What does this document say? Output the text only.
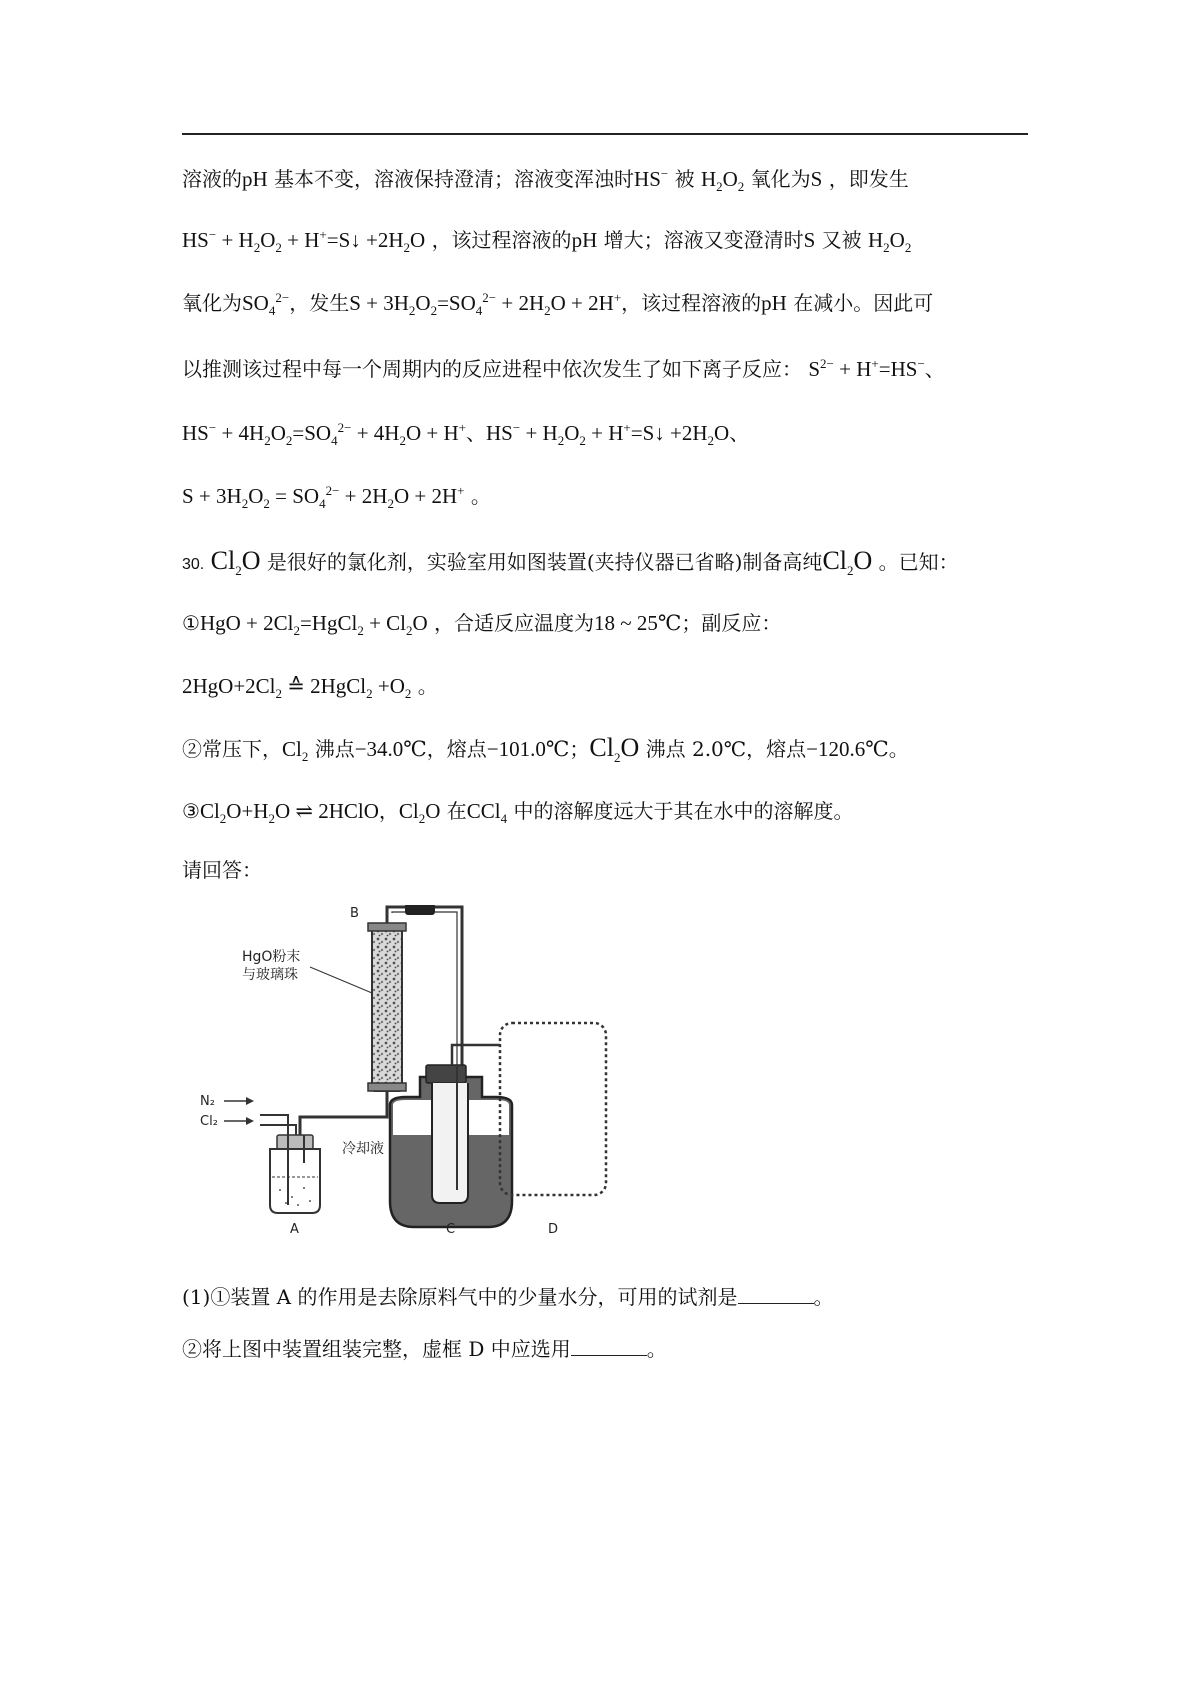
溶液的pH 基本不变，溶液保持澄清；溶液变浑浊时HS− 被 $H_2O_2$ 氧化为S ，即发生
$HS^- + H_2O_2$ + H+=S↓ $+2H_2O$ ，该过程溶液的pH 增大；溶液又变澄清时S 又被 $H_2O_2$
氧化为$SO_4^{2-}$，发生$S + 3H_2O_2=SO_4^{2-} + 2H_2O + 2H^+$，该过程溶液的pH 在减小。因此可
以推测该过程中每一个周期内的反应进程中依次发生了如下离子反应： $S^{2-} + H^+=HS^-$、
$HS^- + 4H_2O_2=SO_4^{2-} + 4H_2O + H^+$、$HS^- + H_2O_2$ + H+=S↓ $+2H_2O$、
$S + 3H_2O_2 = SO_4^{2-} + 2H_2O + 2H^+$ 。
30. $Cl_2O$ 是很好的氯化剂，实验室用如图装置(夹持仪器已省略)制备高纯$Cl_2O$ 。已知：
①HgO + $2Cl_2=HgCl_2 + Cl_2O$ ，合适反应温度为18 ~ 25℃；副反应：
$2HgO+2Cl_2$ ≙ 2HgCl$_2$ $+O_2$ 。
②常压下，$Cl_2$ 沸点−34.0℃，熔点−101.0℃；$Cl_2O$ 沸点 2.0℃，熔点−120.6℃。
$③Cl_2O+H_2O$ ⇌ 2HClO，$Cl_2O$ 在CCl$_4$ 中的溶解度远大于其在水中的溶解度。
请回答：
B
HgO粉末
与玻璃珠
N₂
Cl₂
冷却液
A	C	D
(1)①装置 A 的作用是去除原料气中的少量水分，可用的试剂是	。
②将上图中装置组装完整，虚框 D 中应选用	。
